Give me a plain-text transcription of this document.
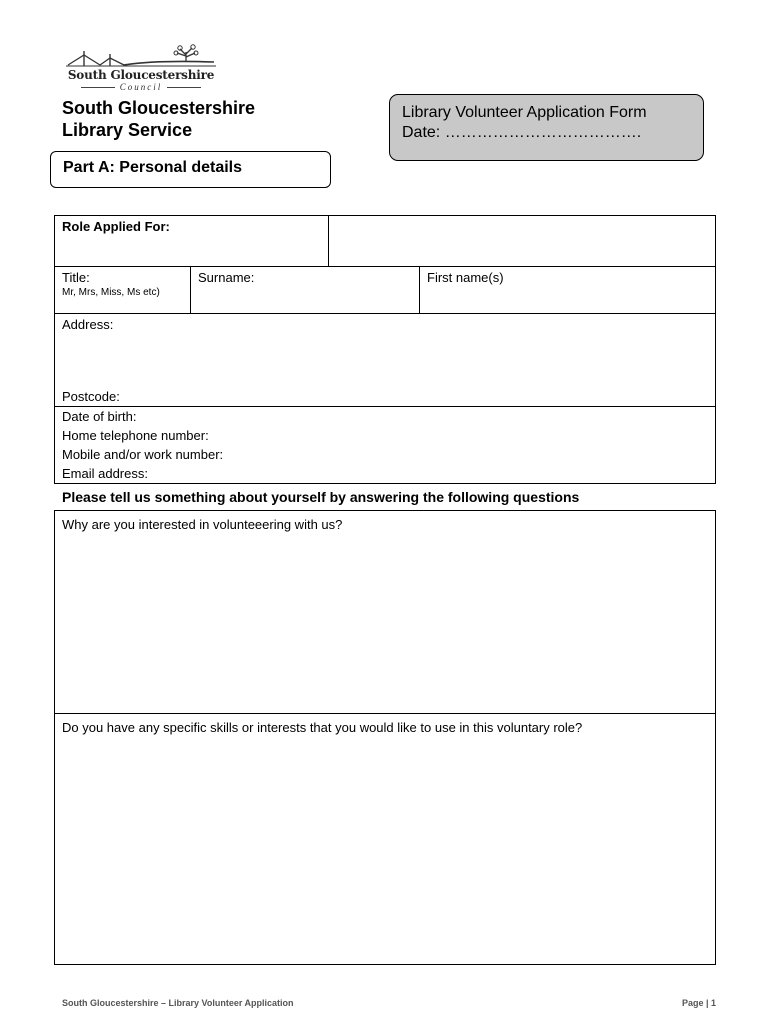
South Gloucestershire
Council
South Gloucestershire
Library Service
Library Volunteer Application Form
Date: ……………………………….
Part A: Personal details
Role Applied For:
Title:
Mr, Mrs, Miss, Ms etc)
Surname:	First name(s)
Address:
Postcode:
Date of birth:
Home telephone number:
Mobile and/or work number:
Email address:
Please tell us something about yourself by answering the following questions
Why are you interested in volunteeering with us?
Do you have any specific skills or interests that you would like to use in this voluntary role?
South Gloucestershire – Library Volunteer Application	Page | 1
